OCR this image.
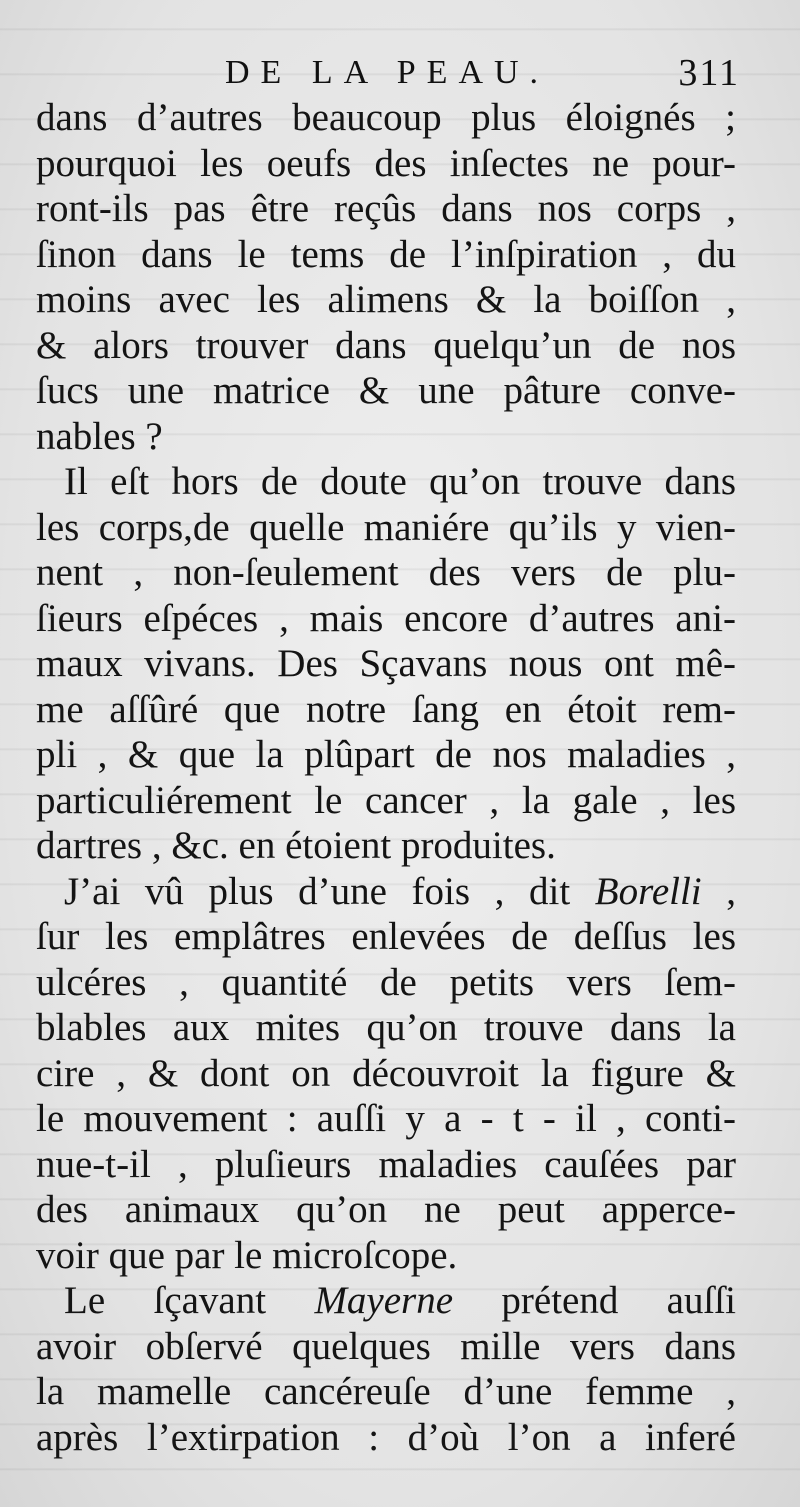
DE LA PEAU.	311
dans d’autres beaucoup plus éloignés ;
pourquoi les oeufs des inſectes ne pour-
ront-ils pas être reçûs dans nos corps ,
ſinon dans le tems de l’inſpiration , du
moins avec les alimens & la boiſſon ,
& alors trouver dans quelqu’un de nos
ſucs une matrice & une pâture conve-
nables ?
Il eſt hors de doute qu’on trouve dans
les corps,de quelle maniére qu’ils y vien-
nent , non-ſeulement des vers de plu-
ſieurs eſpéces , mais encore d’autres ani-
maux vivans. Des Sçavans nous ont mê-
me aſſûré que notre ſang en étoit rem-
pli , & que la plûpart de nos maladies ,
particuliérement le cancer , la gale , les
dartres , &c. en étoient produites.
J’ai vû plus d’une fois , dit Borelli ,
ſur les emplâtres enlevées de deſſus les
ulcéres , quantité de petits vers ſem-
blables aux mites qu’on trouve dans la
cire , & dont on découvroit la figure &
le mouvement : auſſi y a - t - il , conti-
nue-t-il , pluſieurs maladies cauſées par
des animaux qu’on ne peut apperce-
voir que par le microſcope.
Le ſçavant Mayerne prétend auſſi
avoir obſervé quelques mille vers dans
la mamelle cancéreuſe d’une femme ,
après l’extirpation : d’où l’on a inferé
